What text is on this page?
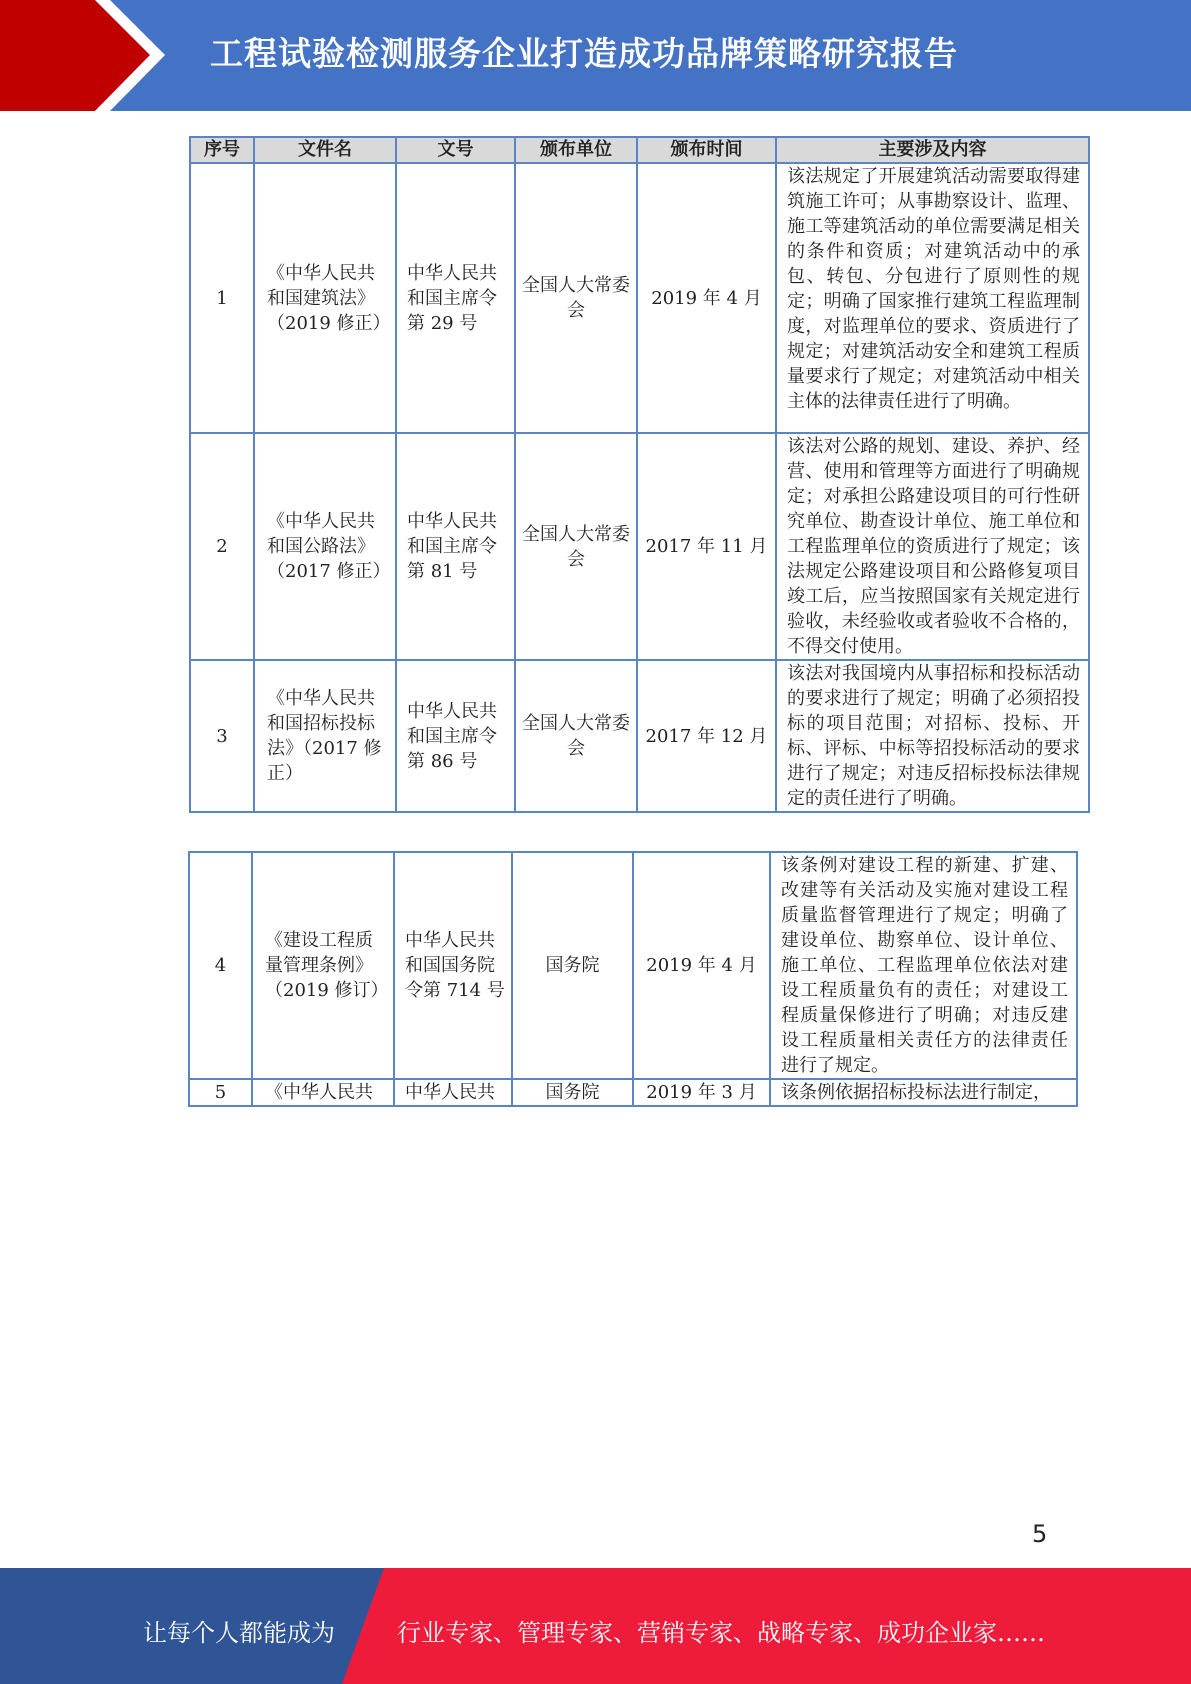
工程试验检测服务企业打造成功品牌策略研究报告
序号	文件名	文号	颁布单位	颁布时间	主要涉及内容
1	《中华人民共和国建筑法》（2019 修正）	中华人民共和国主席令第 29 号	全国人大常委会	2019 年 4 月	该法规定了开展建筑活动需要取得建筑施工许可；从事勘察设计、监理、施工等建筑活动的单位需要满足相关的条件和资质；对建筑活动中的承包、转包、分包进行了原则性的规定；明确了国家推行建筑工程监理制度，对监理单位的要求、资质进行了规定；对建筑活动安全和建筑工程质量要求行了规定；对建筑活动中相关主体的法律责任进行了明确。
2	《中华人民共和国公路法》（2017 修正）	中华人民共和国主席令第 81 号	全国人大常委会	2017 年 11 月	该法对公路的规划、建设、养护、经营、使用和管理等方面进行了明确规定；对承担公路建设项目的可行性研究单位、勘查设计单位、施工单位和工程监理单位的资质进行了规定；该法规定公路建设项目和公路修复项目竣工后，应当按照国家有关规定进行验收，未经验收或者验收不合格的，不得交付使用。
3	《中华人民共和国招标投标法》（2017 修正）	中华人民共和国主席令第 86 号	全国人大常委会	2017 年 12 月	该法对我国境内从事招标和投标活动的要求进行了规定；明确了必须招投标的项目范围；对招标、投标、开标、评标、中标等招投标活动的要求进行了规定；对违反招标投标法律规定的责任进行了明确。
4	《建设工程质量管理条例》（2019 修订）	中华人民共和国国务院令第 714 号	国务院	2019 年 4 月	该条例对建设工程的新建、扩建、改建等有关活动及实施对建设工程质量监督管理进行了规定；明确了建设单位、勘察单位、设计单位、施工单位、工程监理单位依法对建设工程质量负有的责任；对建设工程质量保修进行了明确；对违反建设工程质量相关责任方的法律责任进行了规定。
5	《中华人民共	中华人民共	国务院	2019 年 3 月	该条例依据招标投标法进行制定，
5
让每个人都能成为	行业专家、管理专家、营销专家、战略专家、成功企业家……
